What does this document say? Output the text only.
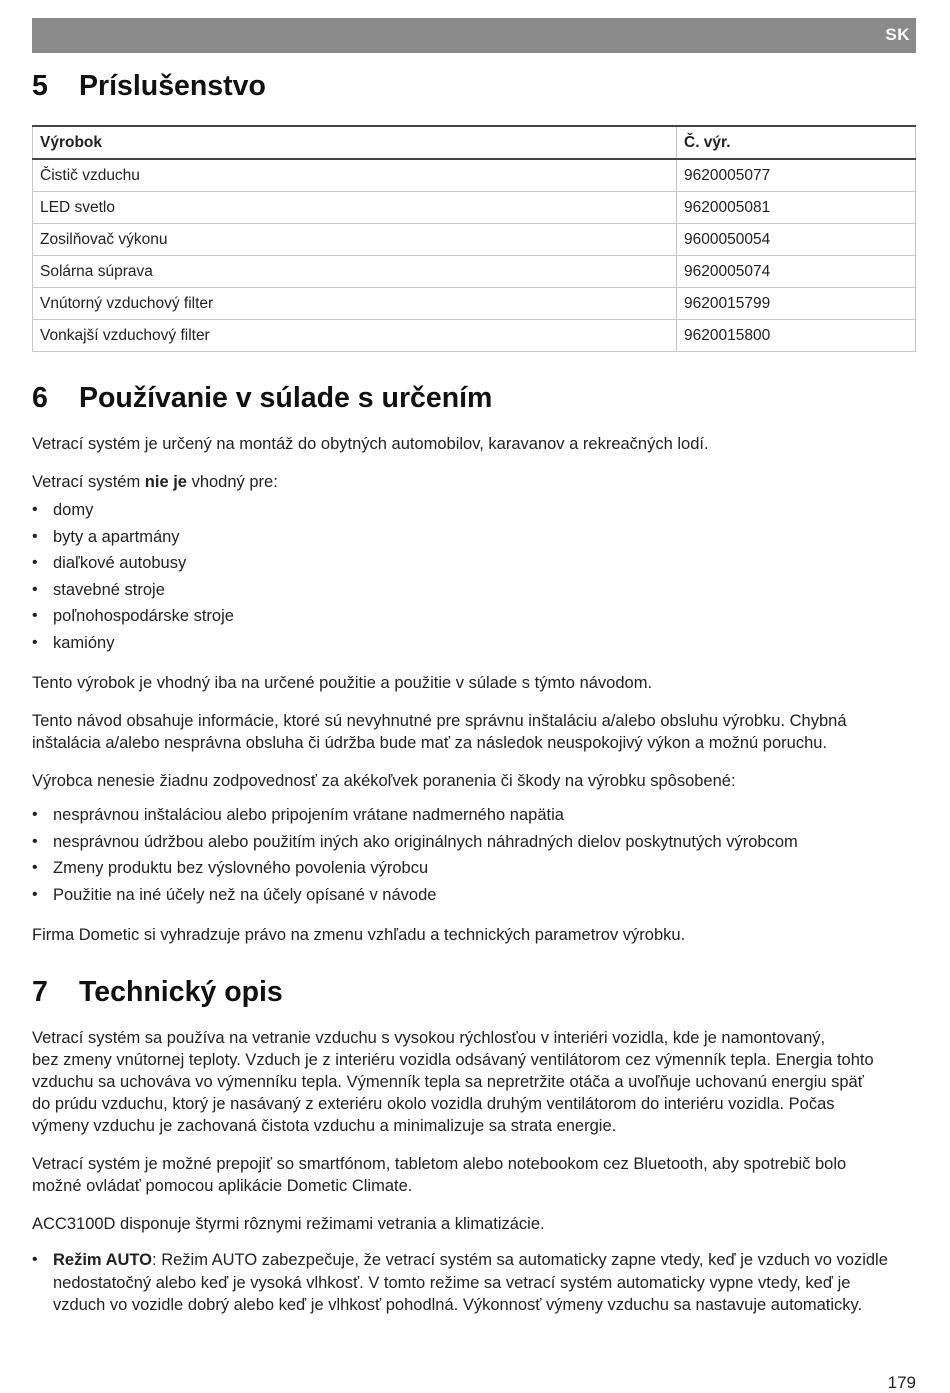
SK
5	Príslušenstvo
Výrobok	Č. výr.
Čistič vzduchu	9620005077
LED svetlo	9620005081
Zosilňovač výkonu	9600050054
Solárna súprava	9620005074
Vnútorný vzduchový filter	9620015799
Vonkajší vzduchový filter	9620015800
6	Používanie v súlade s určením

Vetrací systém je určený na montáž do obytných automobilov, karavanov a rekreačných lodí.

Vetrací systém nie je vhodný pre:

• domy
• byty a apartmány
• diaľkové autobusy
• stavebné stroje
• poľnohospodárske stroje
• kamióny

Tento výrobok je vhodný iba na určené použitie a použitie v súlade s týmto návodom.

Tento návod obsahuje informácie, ktoré sú nevyhnutné pre správnu inštaláciu a/alebo obsluhu výrobku. Chybná
inštalácia a/alebo nesprávna obsluha či údržba bude mať za následok neuspokojivý výkon a možnú poruchu.

Výrobca nenesie žiadnu zodpovednosť za akékoľvek poranenia či škody na výrobku spôsobené:

• nesprávnou inštaláciou alebo pripojením vrátane nadmerného napätia
• nesprávnou údržbou alebo použitím iných ako originálnych náhradných dielov poskytnutých výrobcom
• Zmeny produktu bez výslovného povolenia výrobcu
• Použitie na iné účely než na účely opísané v návode

Firma Dometic si vyhradzuje právo na zmenu vzhľadu a technických parametrov výrobku.

7	Technický opis

Vetrací systém sa používa na vetranie vzduchu s vysokou rýchlosťou v interiéri vozidla, kde je namontovaný,
bez zmeny vnútornej teploty. Vzduch je z interiéru vozidla odsávaný ventilátorom cez výmenník tepla. Energia tohto
vzduchu sa uchováva vo výmenníku tepla. Výmenník tepla sa nepretržite otáča a uvoľňuje uchovanú energiu späť
do prúdu vzduchu, ktorý je nasávaný z exteriéru okolo vozidla druhým ventilátorom do interiéru vozidla. Počas
výmeny vzduchu je zachovaná čistota vzduchu a minimalizuje sa strata energie.

Vetrací systém je možné prepojiť so smartfónom, tabletom alebo notebookom cez Bluetooth, aby spotrebič bolo
možné ovládať pomocou aplikácie Dometic Climate.

ACC3100D disponuje štyrmi rôznymi režimami vetrania a klimatizácie.

• Režim AUTO: Režim AUTO zabezpečuje, že vetrací systém sa automaticky zapne vtedy, keď je vzduch vo vozidle
nedostatočný alebo keď je vysoká vlhkosť. V tomto režime sa vetrací systém automaticky vypne vtedy, keď je
vzduch vo vozidle dobrý alebo keď je vlhkosť pohodlná. Výkonnosť výmeny vzduchu sa nastavuje automaticky.
179
